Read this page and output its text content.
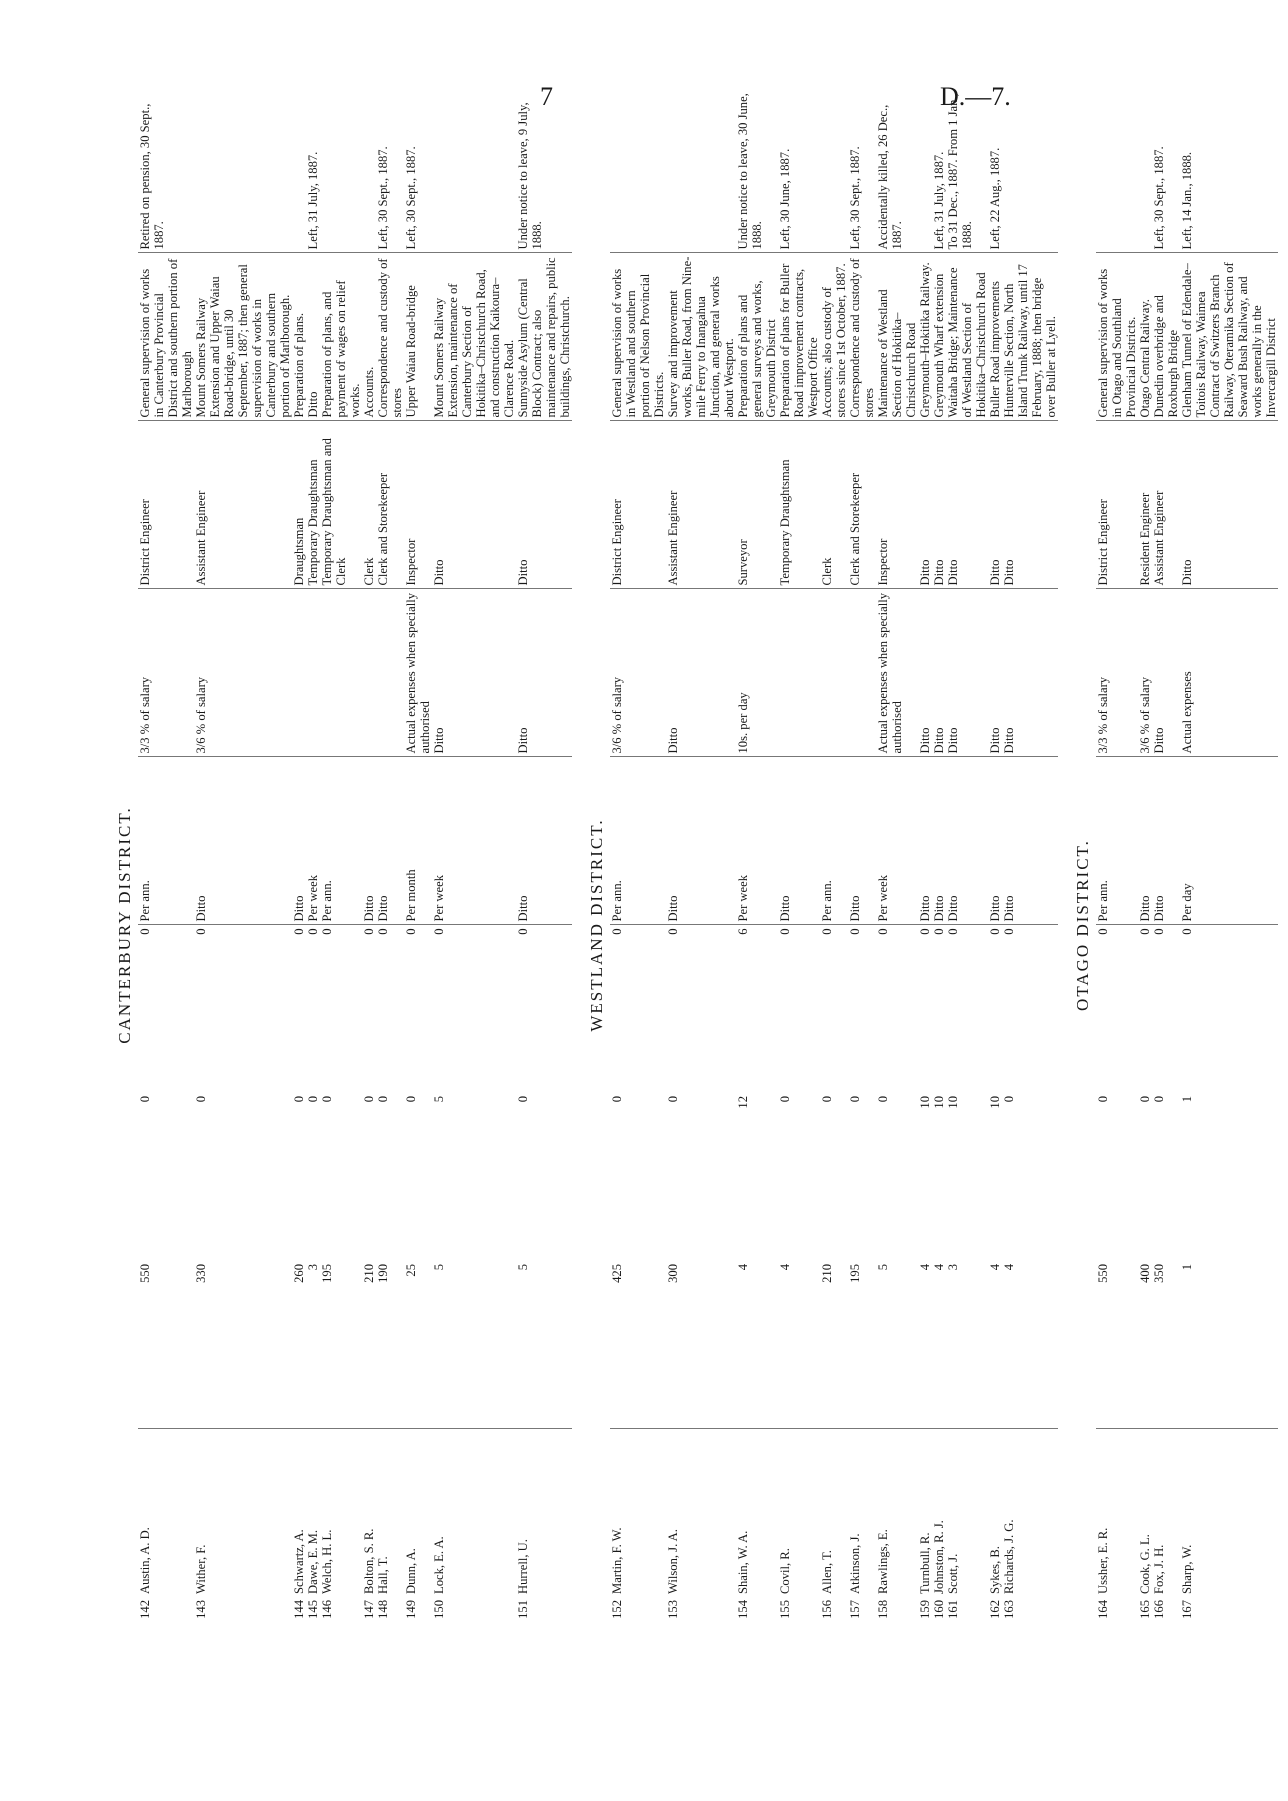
7	D.—7.
CANTERBURY DISTRICT.									
142	Austin, A. D.	550	0	0	Per ann.	3/3 % of salary	District Engineer	General supervision of works in Canterbury Provincial District and southern portion of Marlborough	Retired on pension, 30 Sept., 1887.
143	Wither, F.	330	0	0	Ditto	3/6 % of salary	Assistant Engineer	Mount Somers Railway Extension and Upper Waiau Road-bridge, until 30 September, 1887; then general supervision of works in Canterbury and southern portion of Marlborough.	
144	Schwartz, A.	260	0	0	Ditto		Draughtsman	Preparation of plans.	
145	Dawe, E. M.	3	0	0	Per week		Temporary Draughtsman	Ditto	Left, 31 July, 1887.
146	Welch, H. L.	195	0	0	Per ann.		Temporary Draughtsman and Clerk	Preparation of plans, and payment of wages on relief works.	
147	Bolton, S. R.	210	0	0	Ditto		Clerk	Accounts.	
148	Hall, T.	190	0	0	Ditto		Clerk and Storekeeper	Correspondence and custody of stores	Left, 30 Sept., 1887.
149	Dunn, A.	25	0	0	Per month	Actual expenses when specially authorised	Inspector	Upper Waiau Road-bridge	Left, 30 Sept., 1887.
150	Lock, E. A.	5	5	0	Per week	Ditto	Ditto	Mount Somers Railway Extension, maintenance of Canterbury Section of Hokitika–Christchurch Road, and construction Kaikoura–Clarence Road.	
151	Hurrell, U.	5	0	0	Ditto	Ditto	Ditto	Sunnyside Asylum (Central Block) Contract; also maintenance and repairs, public buildings, Christchurch.	Under notice to leave, 9 July, 1888.

WESTLAND DISTRICT.									
152	Martin, F. W.	425	0	0	Per ann.	3/6 % of salary	District Engineer	General supervision of works in Westland and southern portion of Nelson Provincial Districts.	
153	Wilson, J. A.	300	0	0	Ditto	Ditto	Assistant Engineer	Survey and improvement works, Buller Road, from Nine-mile Ferry to Inangahua Junction, and general works about Westport.	
154	Shain, W. A.	4	12	6	Per week	10s. per day	Surveyor	Preparation of plans and general surveys and works, Greymouth District	Under notice to leave, 30 June, 1888.
155	Covil, R.	4	0	0	Ditto		Temporary Draughtsman	Preparation of plans for Buller Road improvement contracts, Westport Office	Left, 30 June, 1887.
156	Allen, T.	210	0	0	Per ann.		Clerk	Accounts; also custody of stores since 1st October, 1887.	
157	Atkinson, J.	195	0	0	Ditto		Clerk and Storekeeper	Correspondence and custody of stores	Left, 30 Sept., 1887.
158	Rawlings, E.	5	0	0	Per week	Actual expenses when specially authorised	Inspector	Maintenance of Westland Section of Hokitika–Christchurch Road	Accidentally killed, 26 Dec., 1887.
159	Turnbull, R.	4	10	0	Ditto	Ditto	Ditto	Greymouth–Hokitika Railway.	
160	Johnston, R. J.	4	10	0	Ditto	Ditto	Ditto	Greymouth Wharf extension	Left, 31 July, 1887.
161	Scott, J.	3	10	0	Ditto	Ditto	Ditto	Waitaha Bridge; Maintenance of Westland Section of Hokitika–Christchurch Road	To 31 Dec., 1887. From 1 Jan., 1888.
162	Sykes, B.	4	10	0	Ditto	Ditto	Ditto	Buller Road improvements	Left, 22 Aug., 1887.
163	Richards, J. G.	4	0	0	Ditto	Ditto	Ditto	Hunterville Section, North Island Trunk Railway, until 17 February, 1888; then bridge over Buller at Lyell.	

OTAGO DISTRICT.									
164	Ussher, E. R.	550	0	0	Per ann.	3/3 % of salary	District Engineer	General supervision of works in Otago and Southland Provincial Districts.	
165	Cook, G. L.	400	0	0	Ditto	3/6 % of salary	Resident Engineer	Otago Central Railway.	
166	Fox, J. H.	350	0	0	Ditto	Ditto	Assistant Engineer	Dunedin overbridge and Roxburgh Bridge	Left, 30 Sept., 1887.
167	Sharp, W.	1	1	0	Per day	Actual expenses	Ditto	Glenham Tunnel of Edendale–Toitois Railway, Waimea Contract of Switzers Branch Railway, Oteramika Section of Seaward Bush Railway, and works generally in the Invercargill District	Left, 14 Jan., 1888.
